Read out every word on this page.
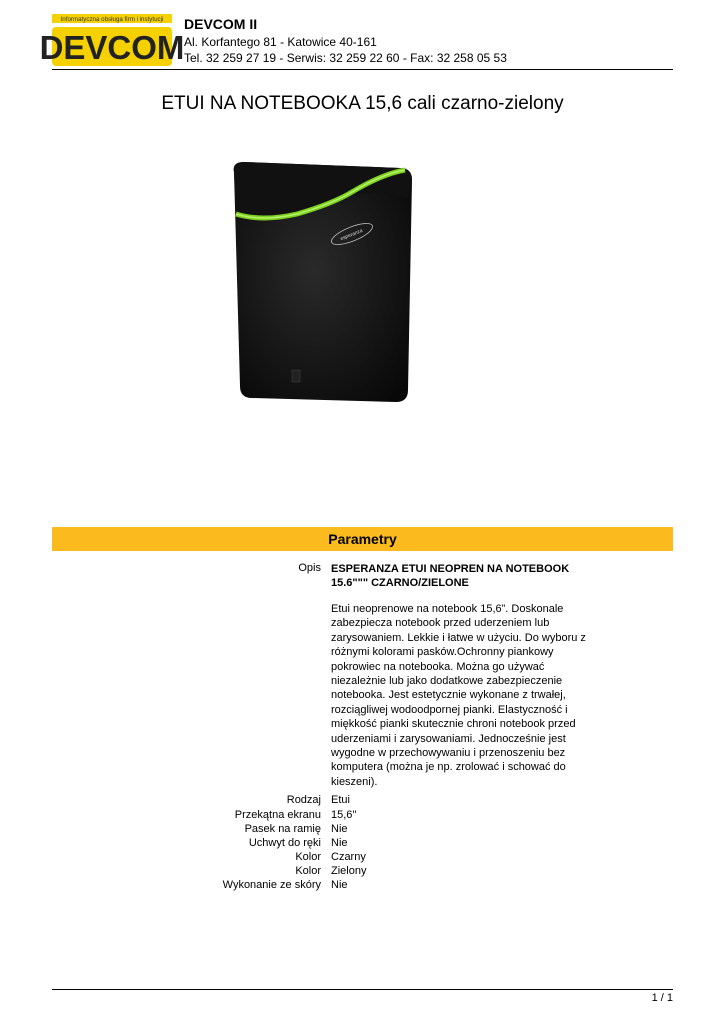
Informatyczna obsługa firm i instytucji
DEVCOM
DEVCOM II
Al. Korfantego 81 - Katowice 40-161
Tel. 32 259 27 19 - Serwis: 32 259 22 60 - Fax: 32 258 05 53
ETUI NA NOTEBOOKA 15,6 cali czarno-zielony
esperanza
Parametry
Opis ESPERANZA ETUI NEOPREN NA NOTEBOOK 15.6""" CZARNO/ZIELONE
Etui neoprenowe na notebook 15,6”. Doskonale zabezpiecza notebook przed uderzeniem lub zarysowaniem. Lekkie i łatwe w użyciu. Do wyboru z różnymi kolorami pasków.Ochronny piankowy pokrowiec na notebooka. Można go używać niezależnie lub jako dodatkowe zabezpieczenie notebooka. Jest estetycznie wykonane z trwałej, rozciągliwej wodoodpornej pianki. Elastyczność i miękkość pianki skutecznie chroni notebook przed uderzeniami i zarysowaniami. Jednocześnie jest wygodne w przechowywaniu i przenoszeniu bez komputera (można je np. zrolować i schować do kieszeni).
Rodzaj Etui
Przekątna ekranu 15,6''
Pasek na ramię Nie
Uchwyt do ręki Nie
Kolor Czarny
Kolor Zielony
Wykonanie ze skóry Nie
1 / 1
